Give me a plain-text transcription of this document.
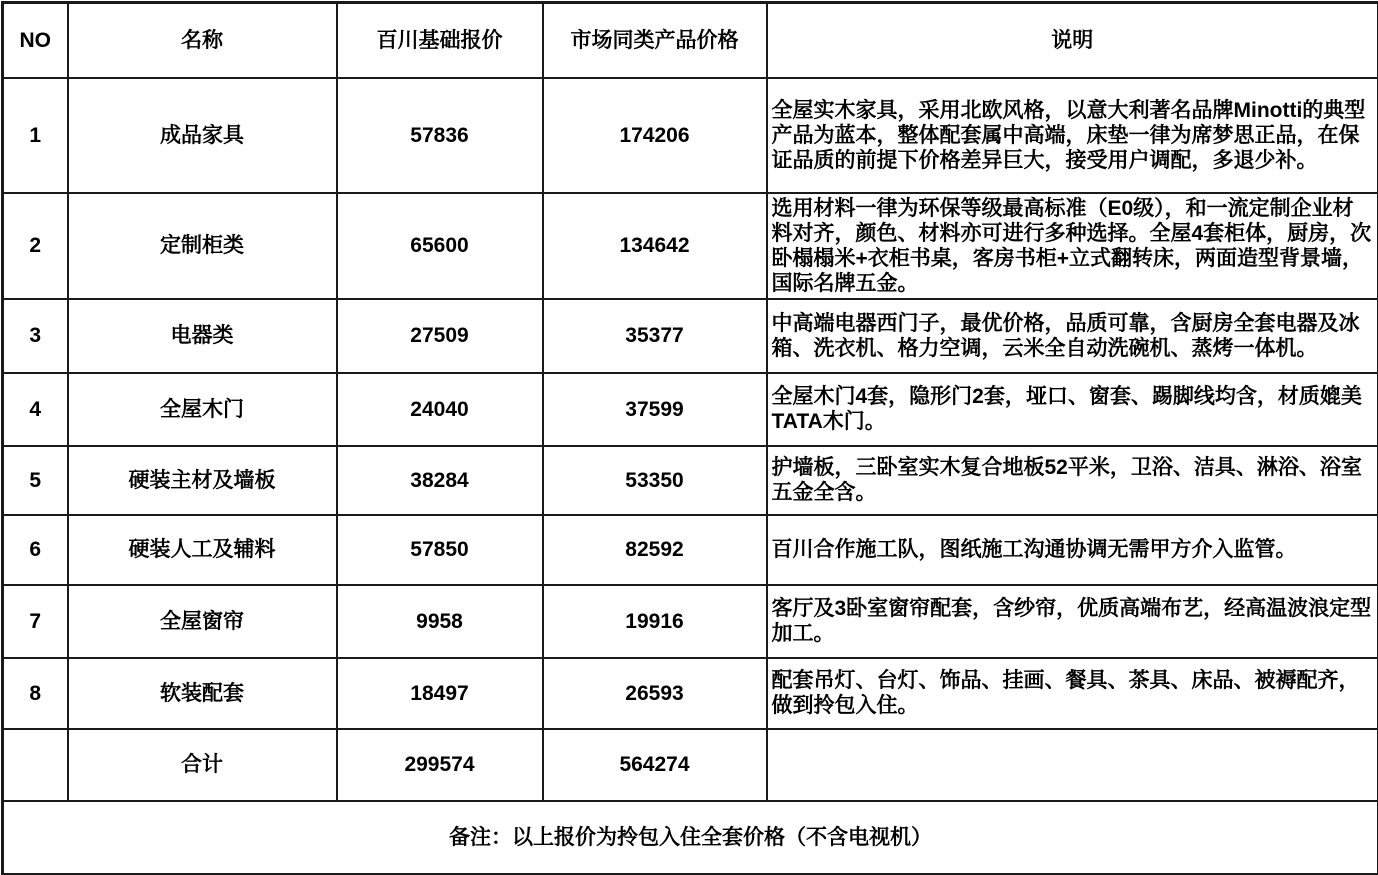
NO	名称	百川基础报价	市场同类产品价格	说明
1	成品家具	57836	174206	全屋实木家具，采用北欧风格，以意大利著名品牌Minotti的典型产品为蓝本，整体配套属中高端，床垫一律为席梦思正品，在保证品质的前提下价格差异巨大，接受用户调配，多退少补。
2	定制柜类	65600	134642	选用材料一律为环保等级最高标准（E0级），和一流定制企业材料对齐，颜色、材料亦可进行多种选择。全屋4套柜体，厨房，次卧榻榻米+衣柜书桌，客房书柜+立式翻转床，两面造型背景墙，国际名牌五金。
3	电器类	27509	35377	中高端电器西门子，最优价格，品质可靠，含厨房全套电器及冰箱、洗衣机、格力空调，云米全自动洗碗机、蒸烤一体机。
4	全屋木门	24040	37599	全屋木门4套，隐形门2套，垭口、窗套、踢脚线均含，材质媲美TATA木门。
5	硬装主材及墙板	38284	53350	护墙板，三卧室实木复合地板52平米，卫浴、洁具、淋浴、浴室五金全含。
6	硬装人工及辅料	57850	82592	百川合作施工队，图纸施工沟通协调无需甲方介入监管。
7	全屋窗帘	9958	19916	客厅及3卧室窗帘配套，含纱帘，优质高端布艺，经高温波浪定型加工。
8	软装配套	18497	26593	配套吊灯、台灯、饰品、挂画、餐具、茶具、床品、被褥配齐，做到拎包入住。
	合计	299574	564274	
备注：以上报价为拎包入住全套价格（不含电视机）				
